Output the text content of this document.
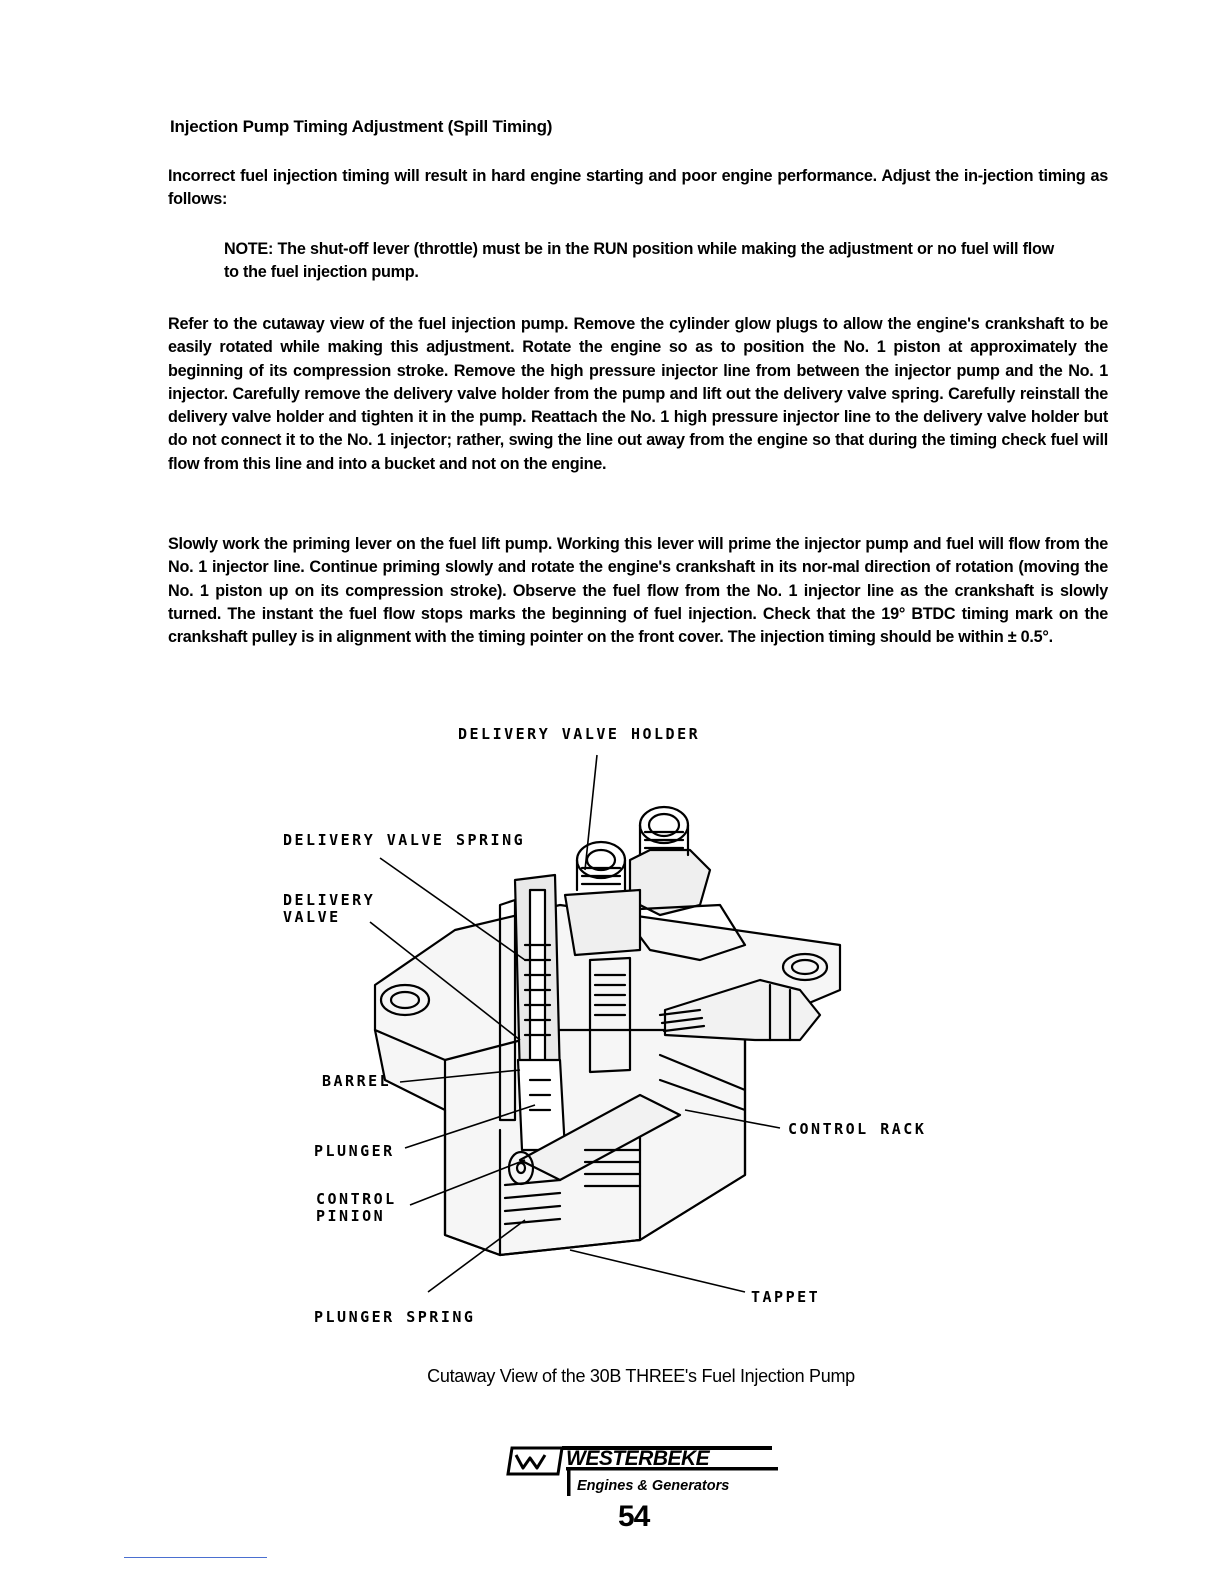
Injection Pump Timing Adjustment (Spill Timing)
Incorrect fuel injection timing will result in hard engine starting and poor engine performance. Adjust the in-jection timing as follows:
NOTE: The shut-off lever (throttle) must be in the RUN position while making the adjustment or no fuel will flow to the fuel injection pump.
Refer to the cutaway view of the fuel injection pump. Remove the cylinder glow plugs to allow the engine's crankshaft to be easily rotated while making this adjustment. Rotate the engine so as to position the No. 1 piston at approximately the beginning of its compression stroke. Remove the high pressure injector line from between the injector pump and the No. 1 injector. Carefully remove the delivery valve holder from the pump and lift out the delivery valve spring. Carefully reinstall the delivery valve holder and tighten it in the pump. Reattach the No. 1 high pressure injector line to the delivery valve holder but do not connect it to the No. 1 injector; rather, swing the line out away from the engine so that during the timing check fuel will flow from this line and into a bucket and not on the engine.
Slowly work the priming lever on the fuel lift pump. Working this lever will prime the injector pump and fuel will flow from the No. 1 injector line. Continue priming slowly and rotate the engine's crankshaft in its nor-mal direction of rotation (moving the No. 1 piston up on its compression stroke). Observe the fuel flow from the No. 1 injector line as the crankshaft is slowly turned. The instant the fuel flow stops marks the beginning of fuel injection. Check that the 19° BTDC timing mark on the crankshaft pulley is in alignment with the timing pointer on the front cover. The injection timing should be within ± 0.5°.
DELIVERY VALVE HOLDER
DELIVERY VALVE SPRING
DELIVERY
VALVE
BARREL
PLUNGER
CONTROL
PINION
PLUNGER SPRING
CONTROL RACK
TAPPET
Cutaway View of the 30B THREE's Fuel Injection Pump
WESTERBEKE
Engines & Generators
54
